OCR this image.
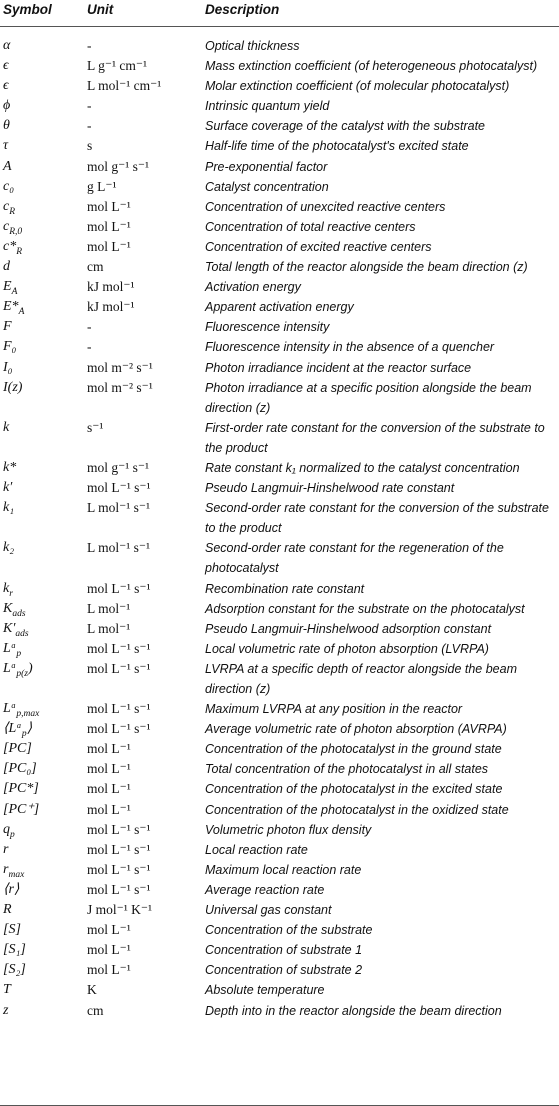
Symbol	Unit	Description
α	-	Optical thickness
ϵ	L g⁻¹ cm⁻¹	Mass extinction coefficient (of heterogeneous photocatalyst)
ϵ	L mol⁻¹ cm⁻¹	Molar extinction coefficient (of molecular photocatalyst)
ϕ	-	Intrinsic quantum yield
θ	-	Surface coverage of the catalyst with the substrate
τ	s	Half-life time of the photocatalyst's excited state
A	mol g⁻¹ s⁻¹	Pre-exponential factor
c₀	g L⁻¹	Catalyst concentration
$c_R$	mol L⁻¹	Concentration of unexcited reactive centers
$c_{R,0}$	mol L⁻¹	Concentration of total reactive centers
$c*_R$	mol L⁻¹	Concentration of excited reactive centers
d	cm	Total length of the reactor alongside the beam direction (z)
$E_A$	kJ mol⁻¹	Activation energy
$E*_A$	kJ mol⁻¹	Apparent activation energy
F	-	Fluorescence intensity
F₀	-	Fluorescence intensity in the absence of a quencher
I₀	mol m⁻² s⁻¹	Photon irradiance incident at the reactor surface
I(z)	mol m⁻² s⁻¹	Photon irradiance at a specific position alongside the beam direction (z)
k	s⁻¹	First-order rate constant for the conversion of the substrate to the product
k*	mol g⁻¹ s⁻¹	Rate constant k₁ normalized to the catalyst concentration
k′	mol L⁻¹ s⁻¹	Pseudo Langmuir-Hinshelwood rate constant
k₁	L mol⁻¹ s⁻¹	Second-order rate constant for the conversion of the substrate to the product
k₂	L mol⁻¹ s⁻¹	Second-order rate constant for the regeneration of the photocatalyst
$k_r$	mol L⁻¹ s⁻¹	Recombination rate constant
$K_{ads}$	L mol⁻¹	Adsorption constant for the substrate on the photocatalyst
$K'_{ads}$	L mol⁻¹	Pseudo Langmuir-Hinshelwood adsorption constant
Lᵃ$_p$	mol L⁻¹ s⁻¹	Local volumetric rate of photon absorption (LVRPA)
Lᵃ$_{p(z}$)	mol L⁻¹ s⁻¹	LVRPA at a specific depth of reactor alongside the beam direction (z)
Lᵃ$_{p,max}$	mol L⁻¹ s⁻¹	Maximum LVRPA at any position in the reactor
⟨Lᵃ$_p$⟩	mol L⁻¹ s⁻¹	Average volumetric rate of photon absorption (AVRPA)
[PC]	mol L⁻¹	Concentration of the photocatalyst in the ground state
[PC₀]	mol L⁻¹	Total concentration of the photocatalyst in all states
[PC*]	mol L⁻¹	Concentration of the photocatalyst in the excited state
[PC⁺]	mol L⁻¹	Concentration of the photocatalyst in the oxidized state
$q_p$	mol L⁻¹ s⁻¹	Volumetric photon flux density
r	mol L⁻¹ s⁻¹	Local reaction rate
$r_{max}$	mol L⁻¹ s⁻¹	Maximum local reaction rate
⟨r⟩	mol L⁻¹ s⁻¹	Average reaction rate
R	J mol⁻¹ K⁻¹	Universal gas constant
[S]	mol L⁻¹	Concentration of the substrate
[S₁]	mol L⁻¹	Concentration of substrate 1
[S₂]	mol L⁻¹	Concentration of substrate 2
T	K	Absolute temperature
z	cm	Depth into in the reactor alongside the beam direction
